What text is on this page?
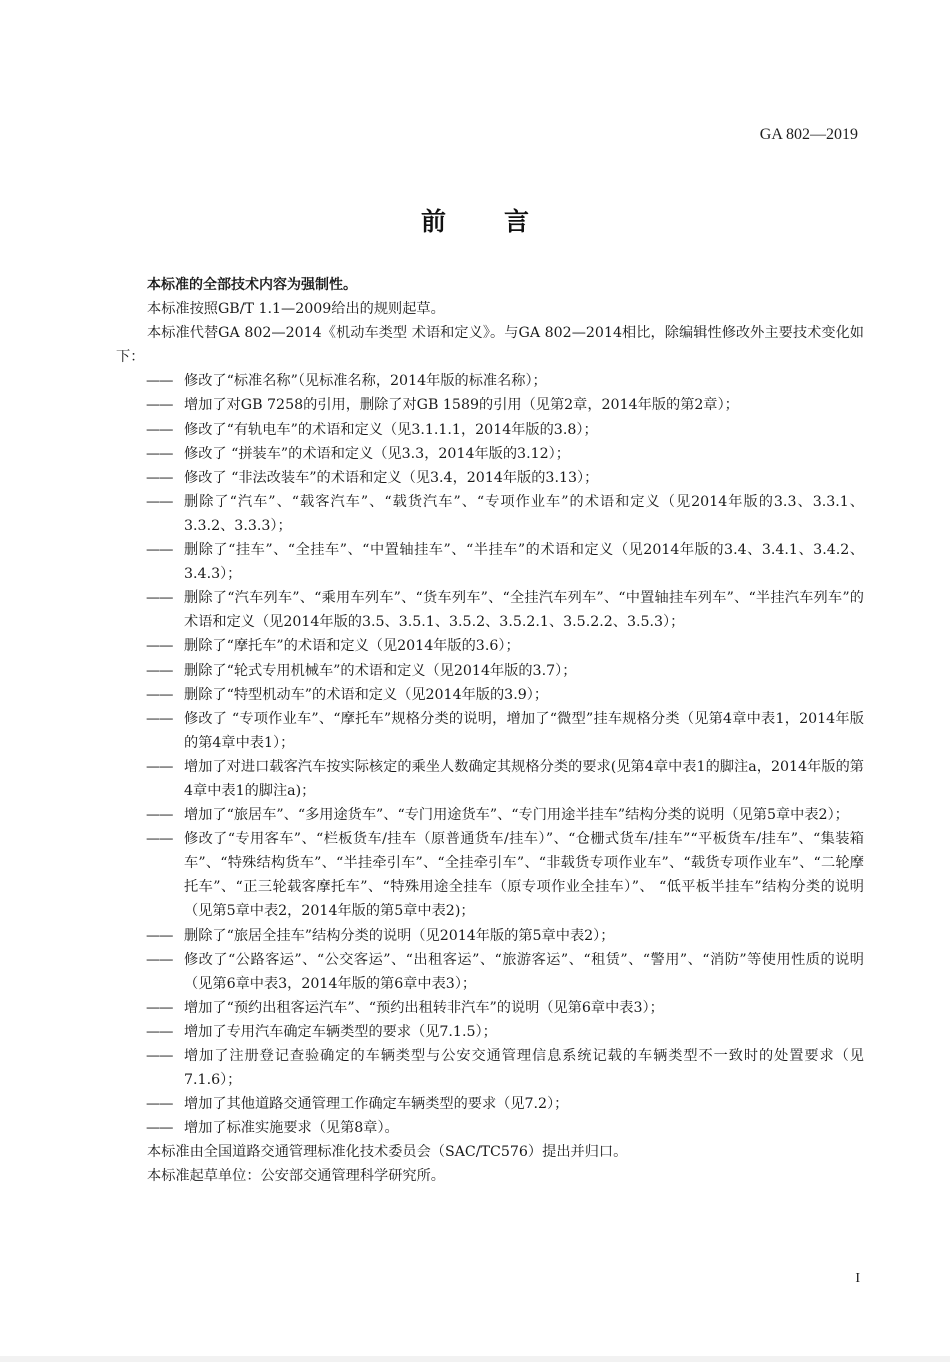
GA 802—2019
前言

本标准的全部技术内容为强制性。

本标准按照GB/T 1.1—2009给出的规则起草。

本标准代替GA 802—2014《机动车类型 术语和定义》。与GA 802—2014相比，除编辑性修改外主要技术变化如下：

—— 修改了“标准名称”（见标准名称，2014年版的标准名称）；
—— 增加了对GB 7258的引用，删除了对GB 1589的引用（见第2章，2014年版的第2章）；
—— 修改了“有轨电车”的术语和定义（见3.1.1.1，2014年版的3.8）；
—— 修改了 “拼装车”的术语和定义（见3.3，2014年版的3.12）；
—— 修改了 “非法改装车”的术语和定义（见3.4，2014年版的3.13）；
—— 删除了“汽车”、“载客汽车”、“载货汽车”、“专项作业车”的术语和定义（见2014年版的3.3、3.3.1、3.3.2、3.3.3）；
—— 删除了“挂车”、“全挂车”、“中置轴挂车”、“半挂车”的术语和定义（见2014年版的3.4、3.4.1、3.4.2、3.4.3）；
—— 删除了“汽车列车”、“乘用车列车”、“货车列车”、“全挂汽车列车”、“中置轴挂车列车”、“半挂汽车列车”的术语和定义（见2014年版的3.5、3.5.1、3.5.2、3.5.2.1、3.5.2.2、3.5.3）；
—— 删除了“摩托车”的术语和定义（见2014年版的3.6）；
—— 删除了“轮式专用机械车”的术语和定义（见2014年版的3.7）；
—— 删除了“特型机动车”的术语和定义（见2014年版的3.9）；
—— 修改了 “专项作业车”、“摩托车”规格分类的说明，增加了“微型”挂车规格分类（见第4章中表1，2014年版的第4章中表1）；
—— 增加了对进口载客汽车按实际核定的乘坐人数确定其规格分类的要求(见第4章中表1的脚注a，2014年版的第4章中表1的脚注a)；
—— 增加了“旅居车”、“多用途货车”、“专门用途货车”、“专门用途半挂车”结构分类的说明（见第5章中表2）；
—— 修改了“专用客车”、“栏板货车/挂车（原普通货车/挂车）”、“仓栅式货车/挂车”“平板货车/挂车”、“集装箱车”、“特殊结构货车”、“半挂牵引车”、“全挂牵引车”、“非载货专项作业车”、“载货专项作业车”、“二轮摩托车”、“正三轮载客摩托车”、“特殊用途全挂车（原专项作业全挂车）”、 “低平板半挂车”结构分类的说明（见第5章中表2，2014年版的第5章中表2)；
—— 删除了“旅居全挂车”结构分类的说明（见2014年版的第5章中表2）；
—— 修改了“公路客运”、“公交客运”、“出租客运”、“旅游客运”、“租赁”、“警用”、“消防”等使用性质的说明（见第6章中表3，2014年版的第6章中表3）；
—— 增加了“预约出租客运汽车”、“预约出租转非汽车”的说明（见第6章中表3）；
—— 增加了专用汽车确定车辆类型的要求（见7.1.5）；
—— 增加了注册登记查验确定的车辆类型与公安交通管理信息系统记载的车辆类型不一致时的处置要求（见7.1.6）；
—— 增加了其他道路交通管理工作确定车辆类型的要求（见7.2）；
—— 增加了标准实施要求（见第8章）。

本标准由全国道路交通管理标准化技术委员会（SAC/TC576）提出并归口。

本标准起草单位：公安部交通管理科学研究所。

I
